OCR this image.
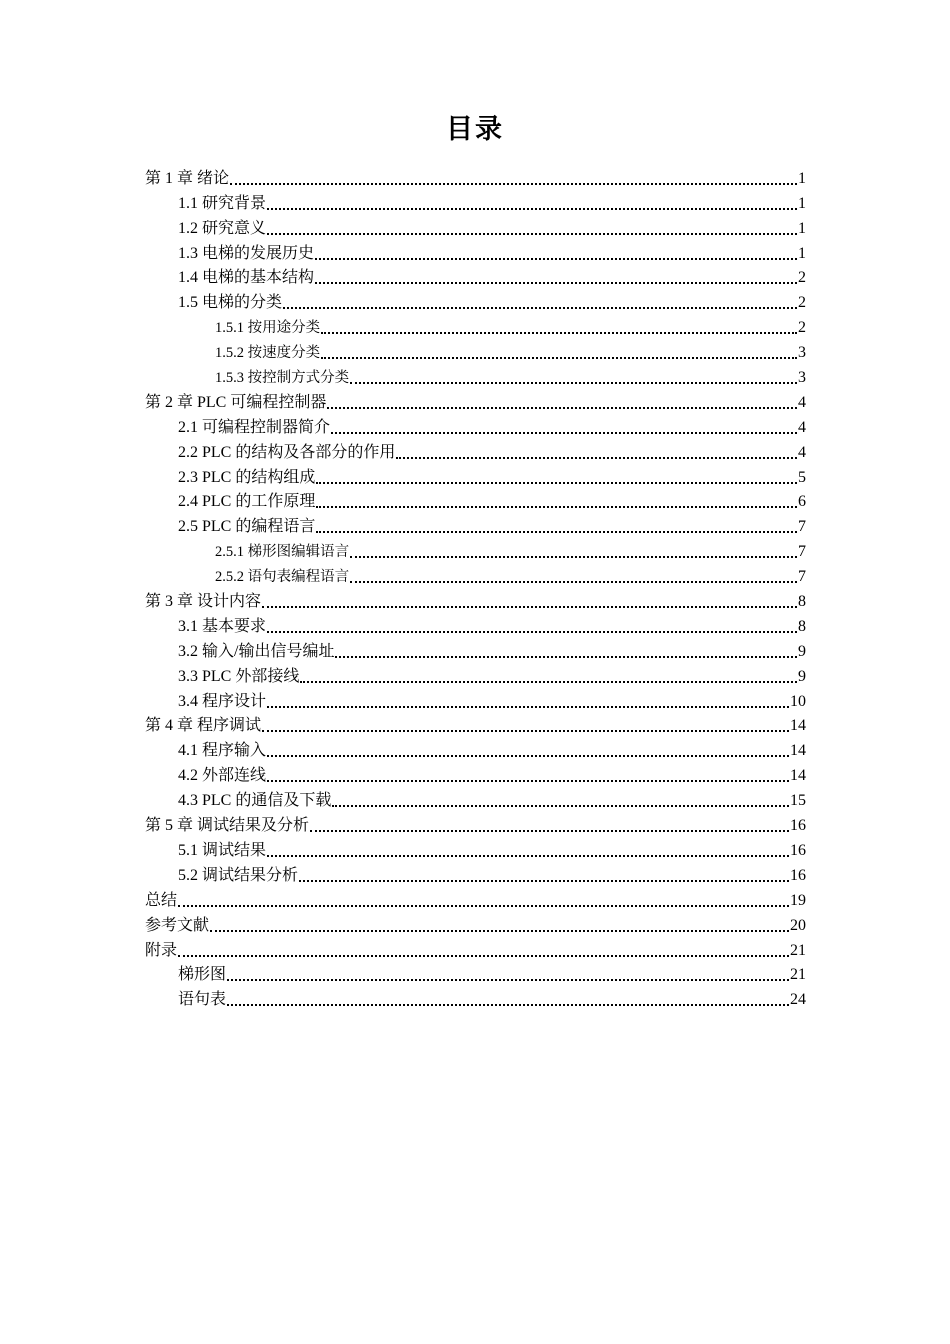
目录
第 1 章 绪论	1
1.1 研究背景	1
1.2 研究意义	1
1.3 电梯的发展历史	1
1.4 电梯的基本结构	2
1.5 电梯的分类	2
1.5.1 按用途分类	2
1.5.2 按速度分类	3
1.5.3 按控制方式分类	3
第 2 章 PLC 可编程控制器	4
2.1 可编程控制器简介	4
2.2 PLC 的结构及各部分的作用	4
2.3 PLC 的结构组成	5
2.4 PLC 的工作原理	6
2.5 PLC 的编程语言	7
2.5.1 梯形图编辑语言	7
2.5.2 语句表编程语言	7
第 3 章 设计内容	8
3.1 基本要求	8
3.2 输入/输出信号编址	9
3.3 PLC 外部接线	9
3.4 程序设计	10
第 4 章 程序调试	14
4.1 程序输入	14
4.2 外部连线	14
4.3 PLC 的通信及下载	15
第 5 章 调试结果及分析	16
5.1 调试结果	16
5.2 调试结果分析	16
总结	19
参考文献	20
附录	21
梯形图	21
语句表	24
